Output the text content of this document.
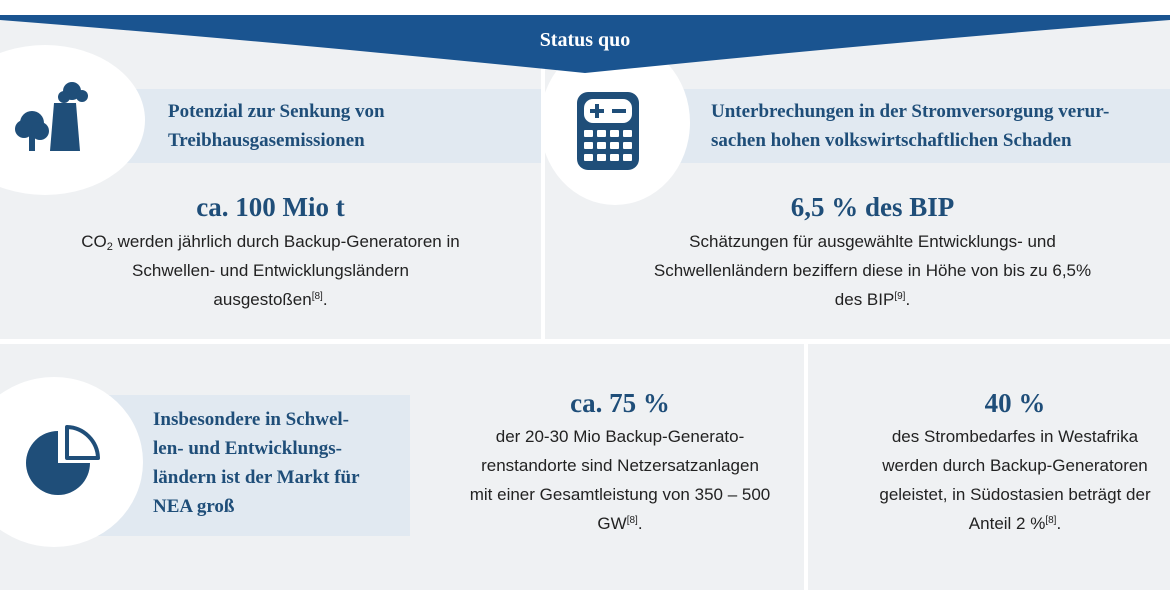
Potenzial zur Senkung von
Treibhausgasemissionen
ca. 100 Mio t
$CO_2$ werden jährlich durch Backup-Generatoren in
Schwellen- und Entwicklungsländern
ausgestoßen[8].
Unterbrechungen in der Stromversorgung verur-
sachen hohen volkswirtschaftlichen Schaden
6,5 % des BIP
Schätzungen für ausgewählte Entwicklungs- und
Schwellenländern beziffern diese in Höhe von bis zu 6,5%
des BIP[9].
Insbesondere in Schwel-
len- und Entwicklungs-
ländern ist der Markt für
NEA groß
ca. 75 %
der 20-30 Mio Backup-Generato-
renstandorte sind Netzersatzanlagen
mit einer Gesamtleistung von 350 – 500
GW[8].
40 %
des Strombedarfes in Westafrika
werden durch Backup-Generatoren
geleistet, in Südostasien beträgt der
Anteil 2 %[8].
Status quo
